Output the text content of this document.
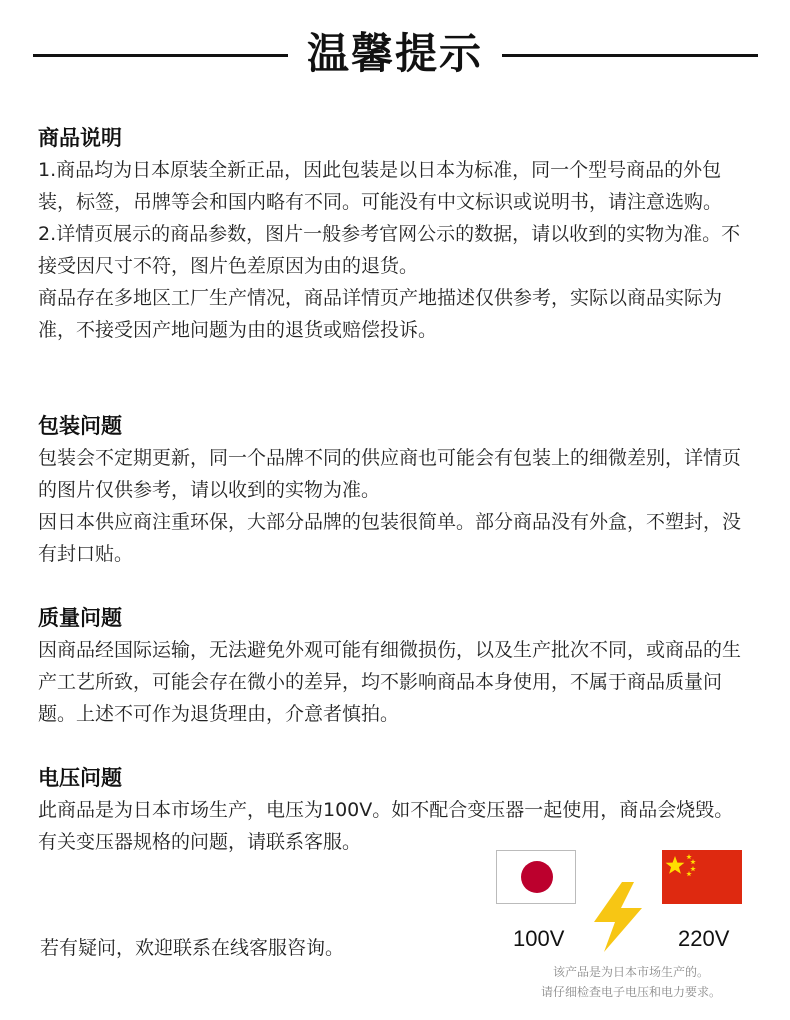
温馨提示
商品说明

1.商品均为日本原装全新正品，因此包装是以日本为标准，同一个型号商品的外包装，标签，吊牌等会和国内略有不同。可能没有中文标识或说明书，请注意选购。

2.详情页展示的商品参数，图片一般参考官网公示的数据，请以收到的实物为准。不接受因尺寸不符，图片色差原因为由的退货。

商品存在多地区工厂生产情况，商品详情页产地描述仅供参考，实际以商品实际为准，不接受因产地问题为由的退货或赔偿投诉。

包装问题

包装会不定期更新，同一个品牌不同的供应商也可能会有包装上的细微差别，详情页的图片仅供参考，请以收到的实物为准。

因日本供应商注重环保，大部分品牌的包装很简单。部分商品没有外盒，不塑封，没有封口贴。

质量问题

因商品经国际运输，无法避免外观可能有细微损伤，以及生产批次不同，或商品的生产工艺所致，可能会存在微小的差异，均不影响商品本身使用，不属于商品质量问题。上述不可作为退货理由，介意者慎拍。

电压问题

此商品是为日本市场生产，电压为100V。如不配合变压器一起使用，商品会烧毁。

有关变压器规格的问题，请联系客服。

若有疑问，欢迎联系在线客服咨询。	100V	220V
该产品是为日本市场生产的。
请仔细检查电子电压和电力要求。
